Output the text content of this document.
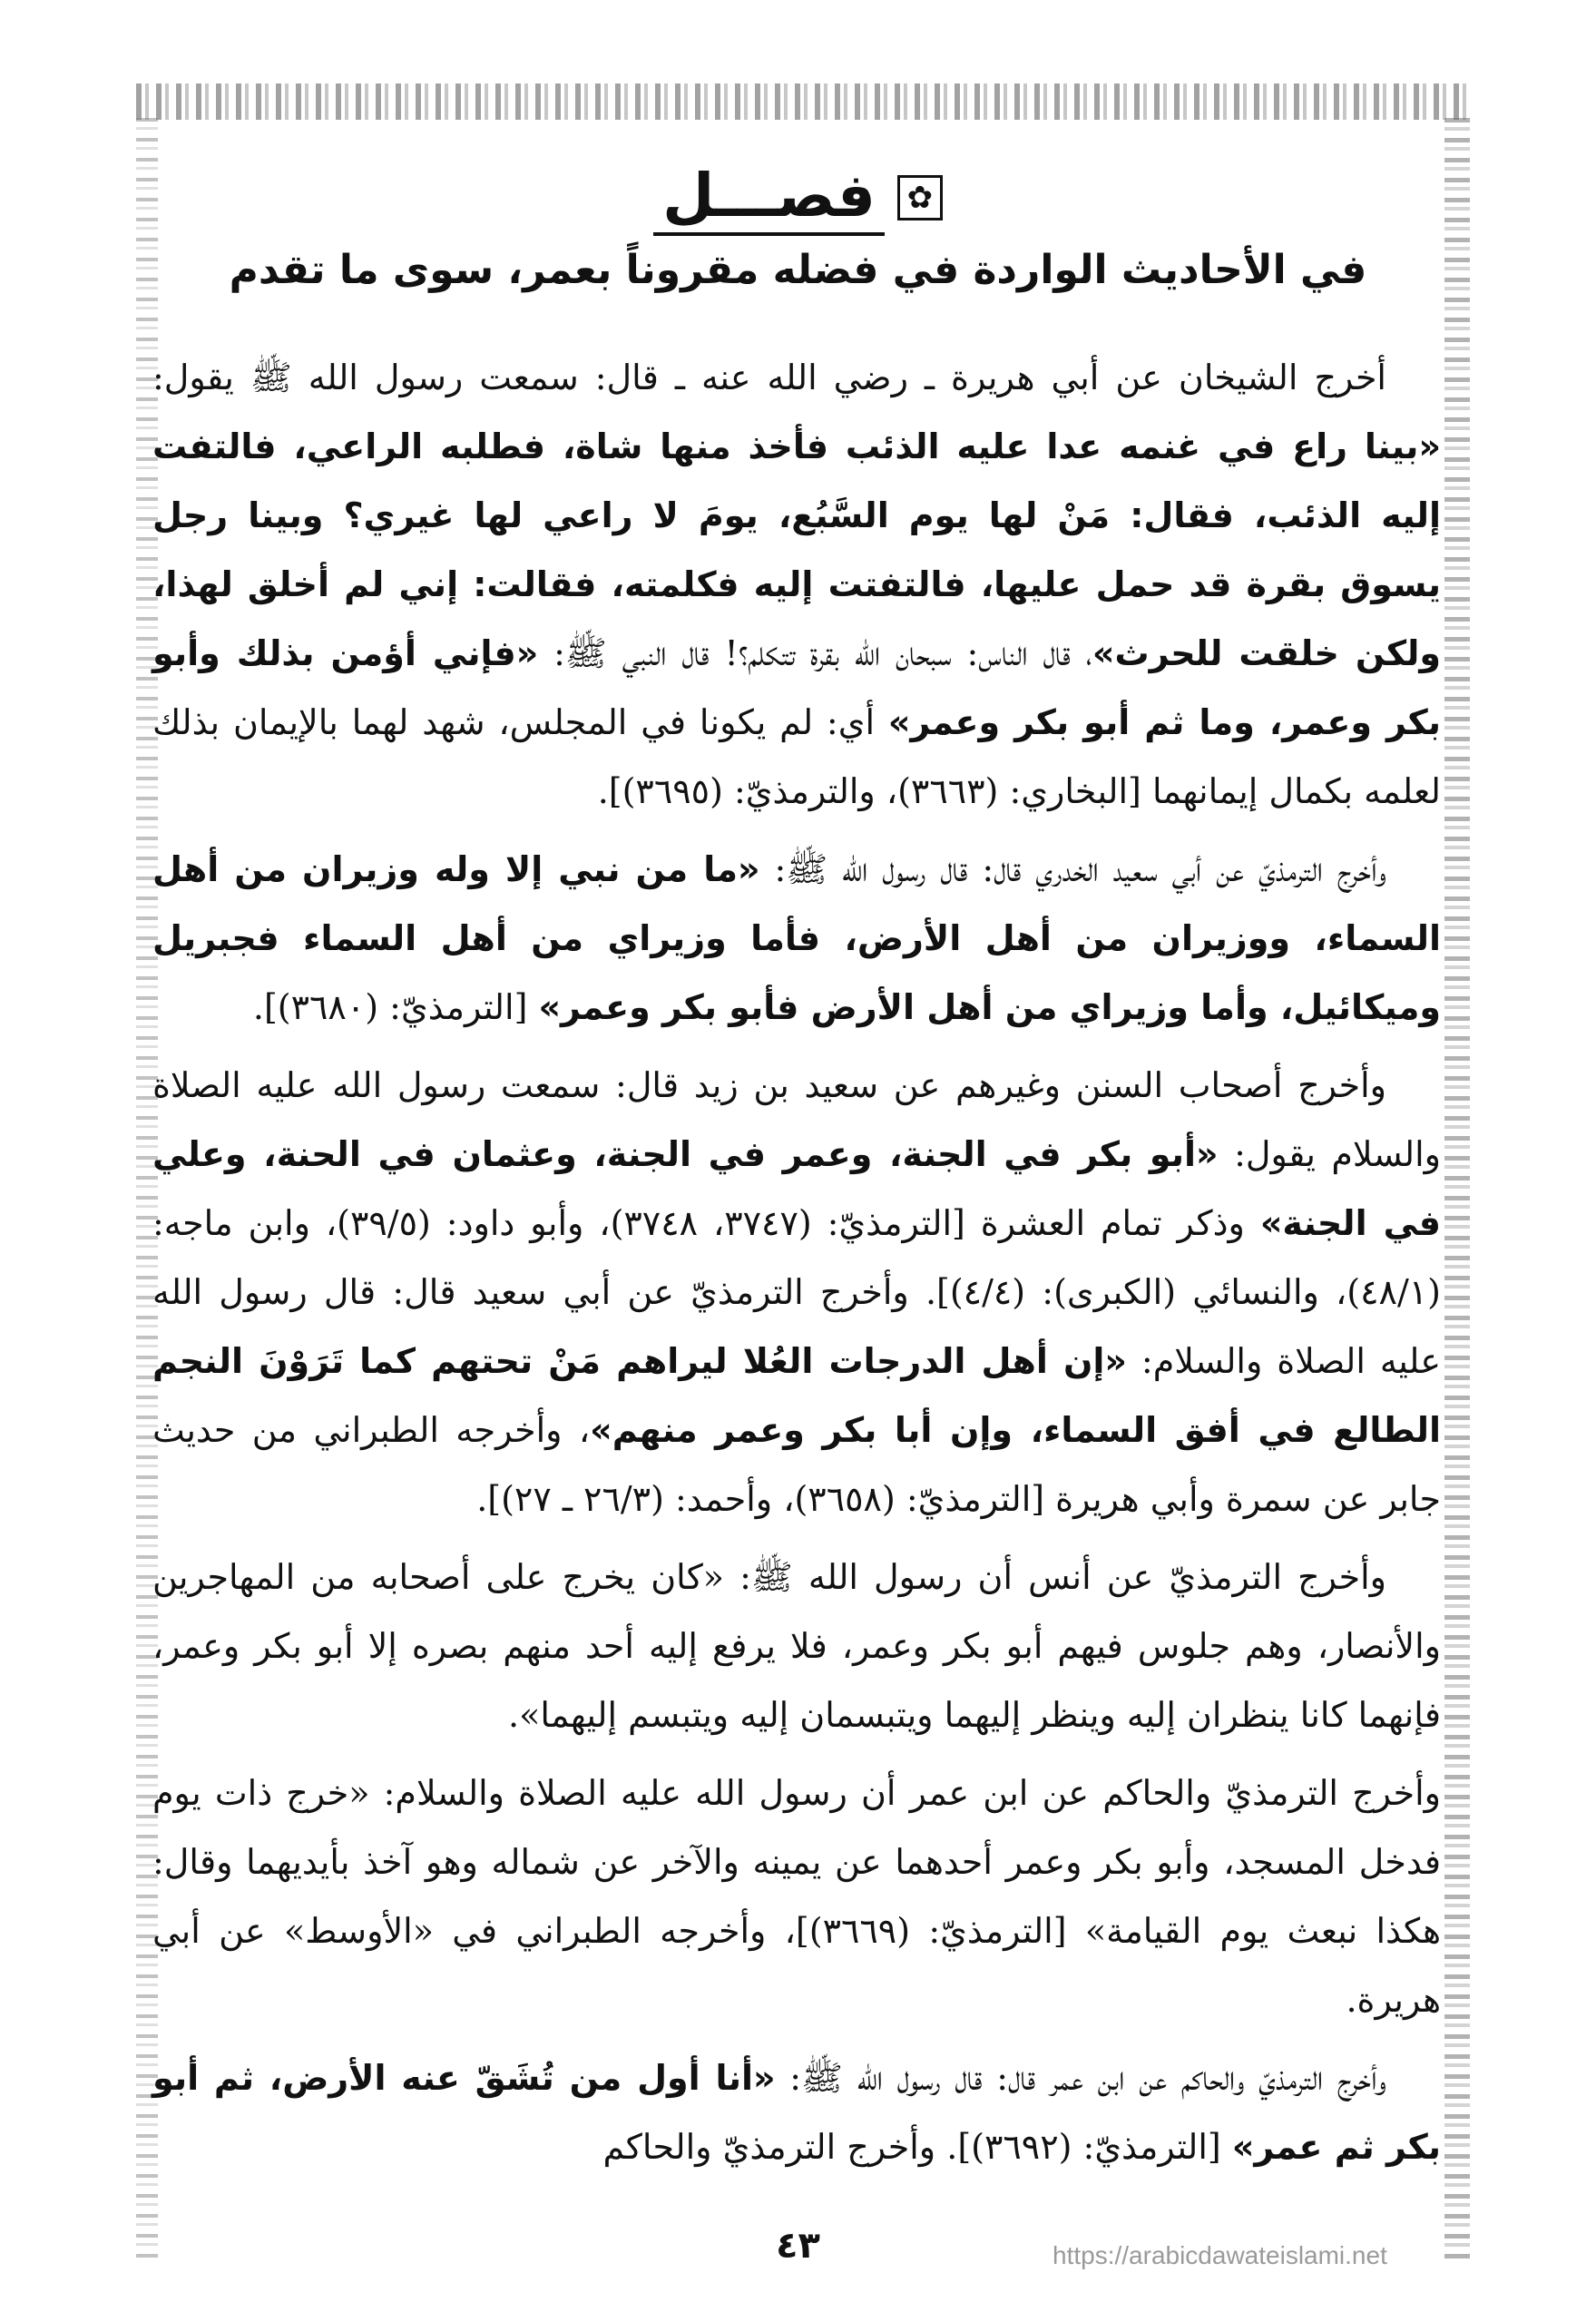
✿
فصـــل
في الأحاديث الواردة في فضله مقروناً بعمر، سوى ما تقدم

أخرج الشيخان عن أبي هريرة ـ رضي الله عنه ـ قال: سمعت رسول الله ﷺ يقول: «بينا راع في غنمه عدا عليه الذئب فأخذ منها شاة، فطلبه الراعي، فالتفت إليه الذئب، فقال: مَنْ لها يوم السَّبُع، يومَ لا راعي لها غيري؟ وبينا رجل يسوق بقرة قد حمل عليها، فالتفتت إليه فكلمته، فقالت: إني لم أخلق لهذا، ولكن خلقت للحرث»، قال الناس: سبحان الله بقرة تتكلم؟! قال النبي ﷺ: «فإني أؤمن بذلك وأبو بكر وعمر، وما ثم أبو بكر وعمر» أي: لم يكونا في المجلس، شهد لهما بالإيمان بذلك لعلمه بكمال إيمانهما [البخاري: (٣٦٦٣)، والترمذيّ: (٣٦٩٥)].

وأخرج الترمذيّ عن أبي سعيد الخدري قال: قال رسول الله ﷺ: «ما من نبي إلا وله وزيران من أهل السماء، ووزيران من أهل الأرض، فأما وزيراي من أهل السماء فجبريل وميكائيل، وأما وزيراي من أهل الأرض فأبو بكر وعمر» [الترمذيّ: (٣٦٨٠)].

وأخرج أصحاب السنن وغيرهم عن سعيد بن زيد قال: سمعت رسول الله عليه الصلاة والسلام يقول: «أبو بكر في الجنة، وعمر في الجنة، وعثمان في الحنة، وعلي في الجنة» وذكر تمام العشرة [الترمذيّ: (٣٧٤٧، ٣٧٤٨)، وأبو داود: (٣٩/٥)، وابن ماجه: (٤٨/١)، والنسائي (الكبرى): (٤/٤)]. وأخرج الترمذيّ عن أبي سعيد قال: قال رسول الله عليه الصلاة والسلام: «إن أهل الدرجات العُلا ليراهم مَنْ تحتهم كما تَرَوْنَ النجم الطالع في أفق السماء، وإن أبا بكر وعمر منهم»، وأخرجه الطبراني من حديث جابر عن سمرة وأبي هريرة [الترمذيّ: (٣٦٥٨)، وأحمد: (٢٦/٣ ـ ٢٧)].

وأخرج الترمذيّ عن أنس أن رسول الله ﷺ: «كان يخرج على أصحابه من المهاجرين والأنصار، وهم جلوس فيهم أبو بكر وعمر، فلا يرفع إليه أحد منهم بصره إلا أبو بكر وعمر، فإنهما كانا ينظران إليه وينظر إليهما ويتبسمان إليه ويتبسم إليهما».

وأخرج الترمذيّ والحاكم عن ابن عمر أن رسول الله عليه الصلاة والسلام: «خرج ذات يوم فدخل المسجد، وأبو بكر وعمر أحدهما عن يمينه والآخر عن شماله وهو آخذ بأيديهما وقال: هكذا نبعث يوم القيامة» [الترمذيّ: (٣٦٦٩)]، وأخرجه الطبراني في «الأوسط» عن أبي هريرة.

وأخرج الترمذيّ والحاكم عن ابن عمر قال: قال رسول الله ﷺ: «أنا أول من تُشَقّ عنه الأرض، ثم أبو بكر ثم عمر» [الترمذيّ: (٣٦٩٢)]. وأخرج الترمذيّ والحاكم

٤٣	https://arabicdawateislami.net
